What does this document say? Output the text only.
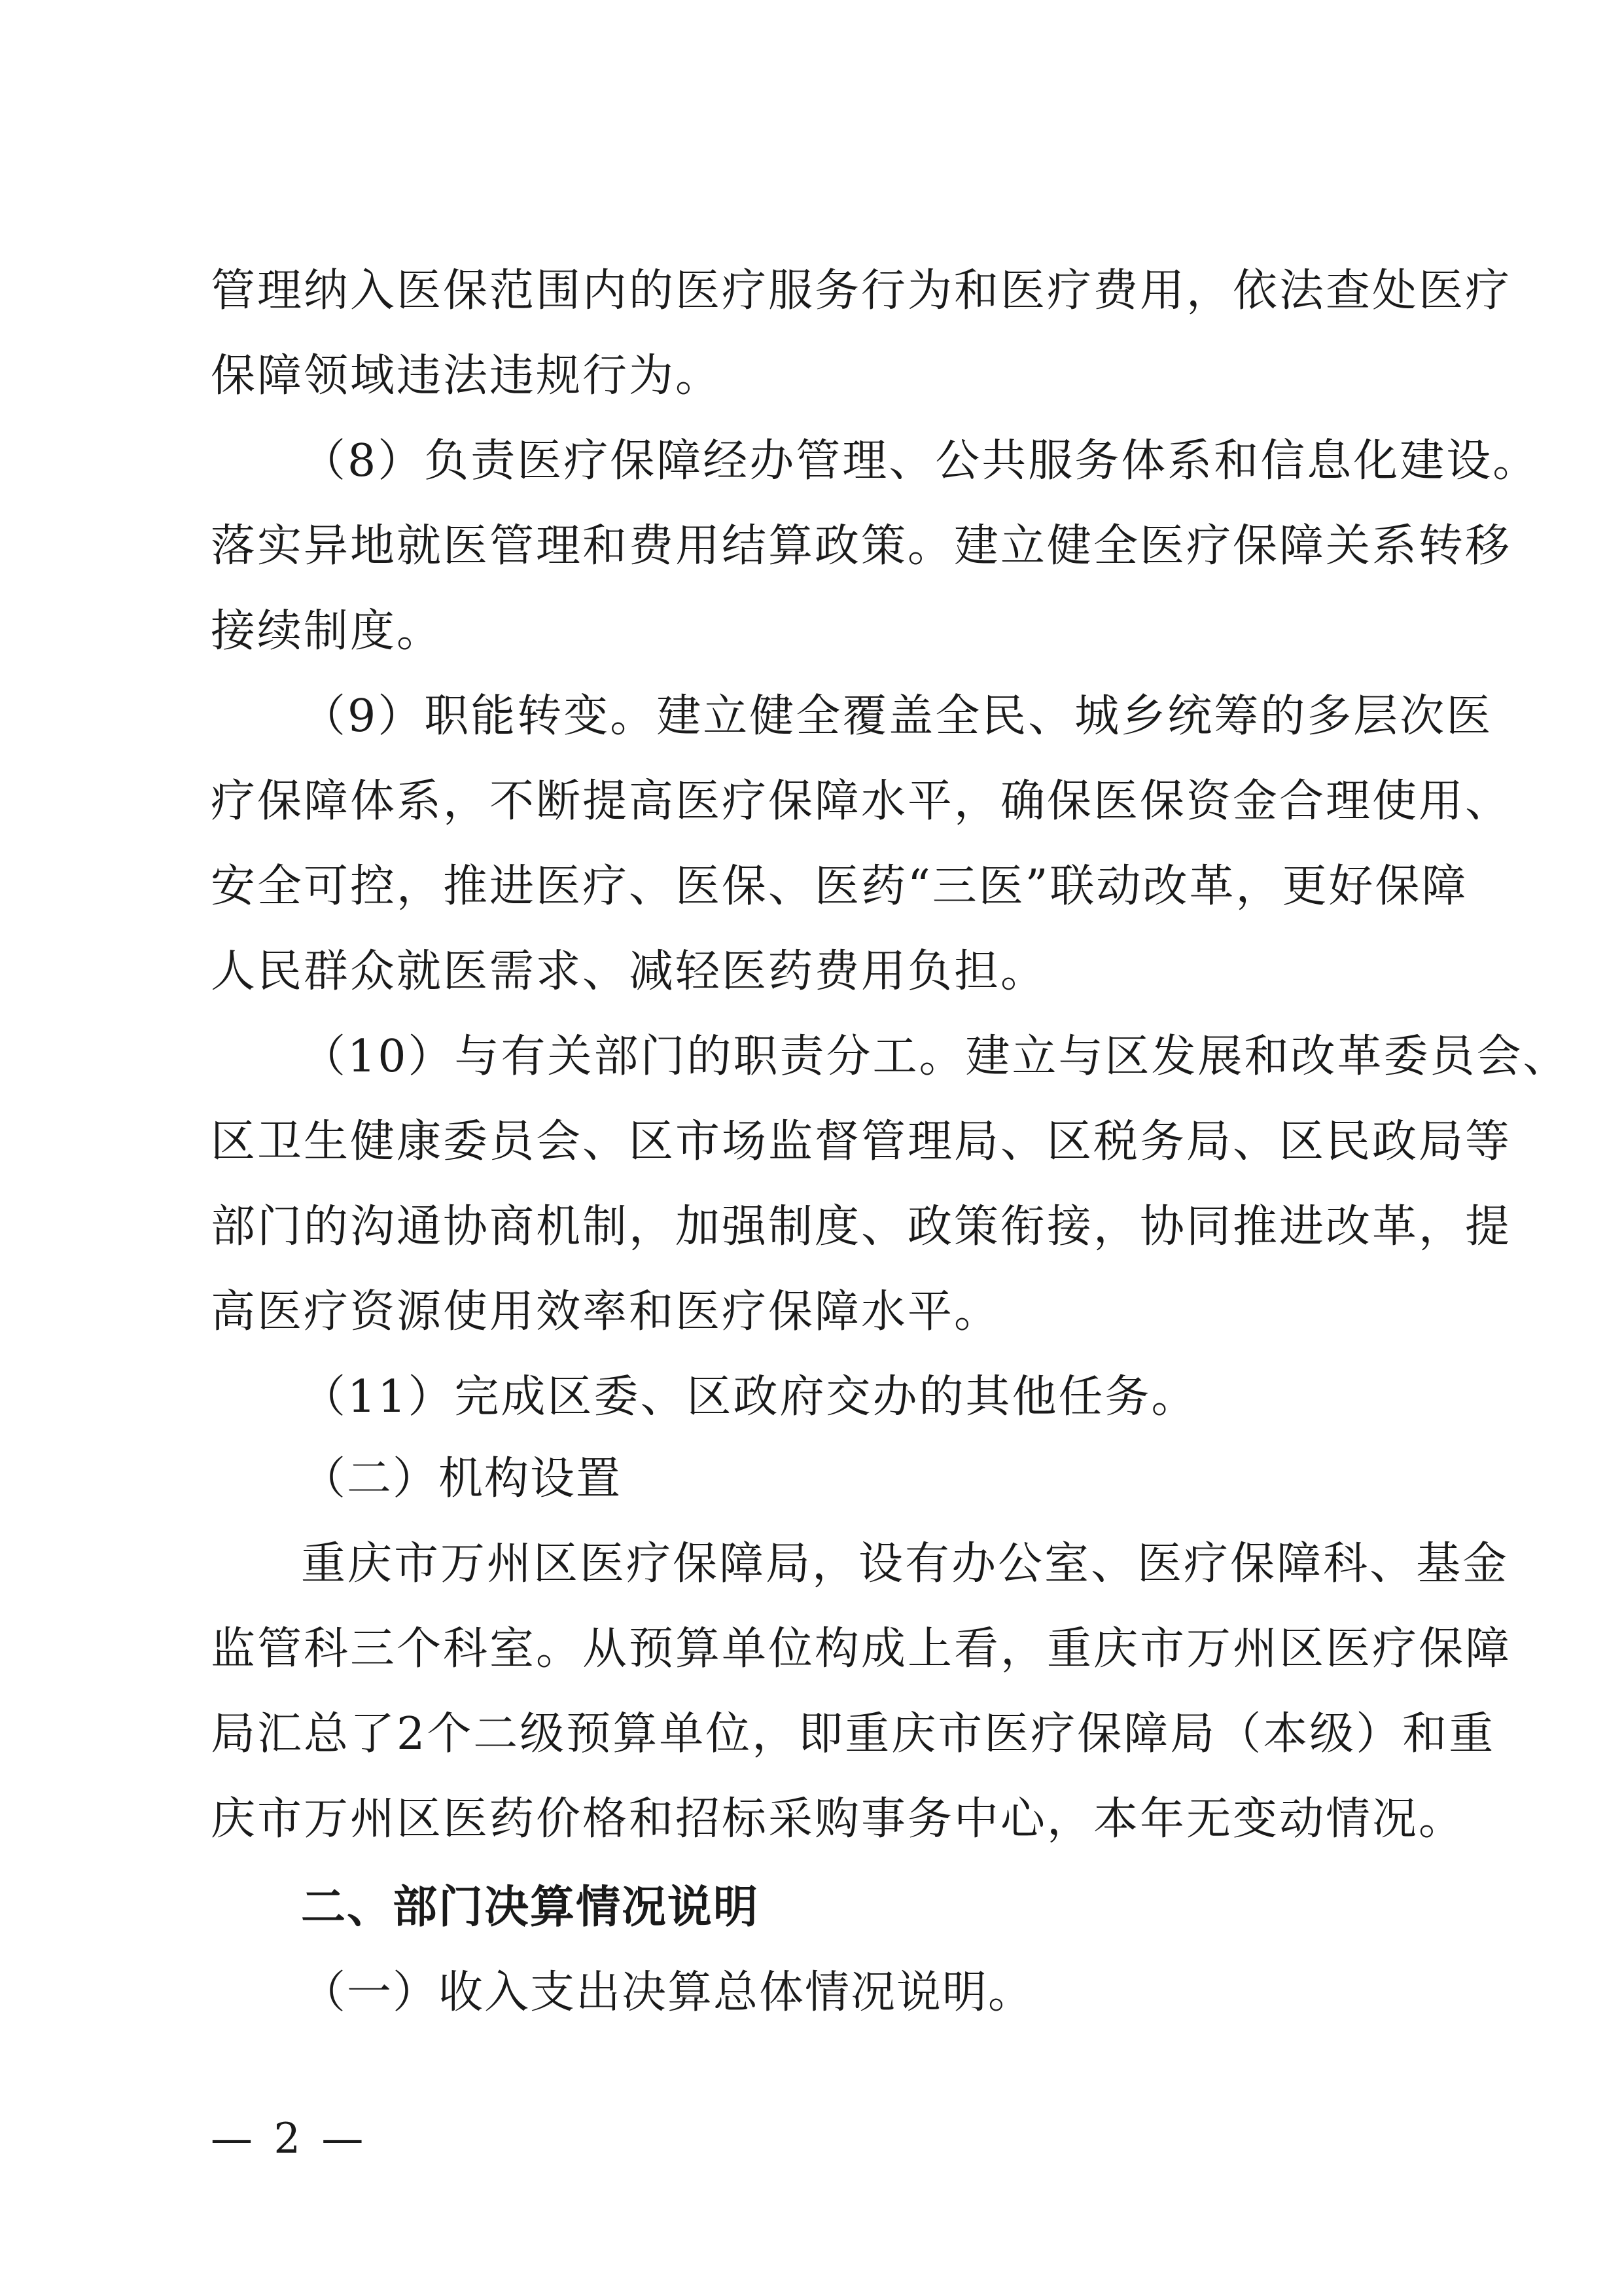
管理纳入医保范围内的医疗服务行为和医疗费用，依法查处医疗
保障领域违法违规行为。
（8）负责医疗保障经办管理、公共服务体系和信息化建设。
落实异地就医管理和费用结算政策。建立健全医疗保障关系转移
接续制度。
（9）职能转变。建立健全覆盖全民、城乡统筹的多层次医
疗保障体系，不断提高医疗保障水平，确保医保资金合理使用、
安全可控，推进医疗、医保、医药“三医”联动改革，更好保障
人民群众就医需求、减轻医药费用负担。
（10）与有关部门的职责分工。建立与区发展和改革委员会、
区卫生健康委员会、区市场监督管理局、区税务局、区民政局等
部门的沟通协商机制，加强制度、政策衔接，协同推进改革，提
高医疗资源使用效率和医疗保障水平。
（11）完成区委、区政府交办的其他任务。
（二）机构设置
重庆市万州区医疗保障局，设有办公室、医疗保障科、基金
监管科三个科室。从预算单位构成上看，重庆市万州区医疗保障
局汇总了2个二级预算单位，即重庆市医疗保障局（本级）和重
庆市万州区医药价格和招标采购事务中心，本年无变动情况。
二、部门决算情况说明
（一）收入支出决算总体情况说明。
— 2 —
